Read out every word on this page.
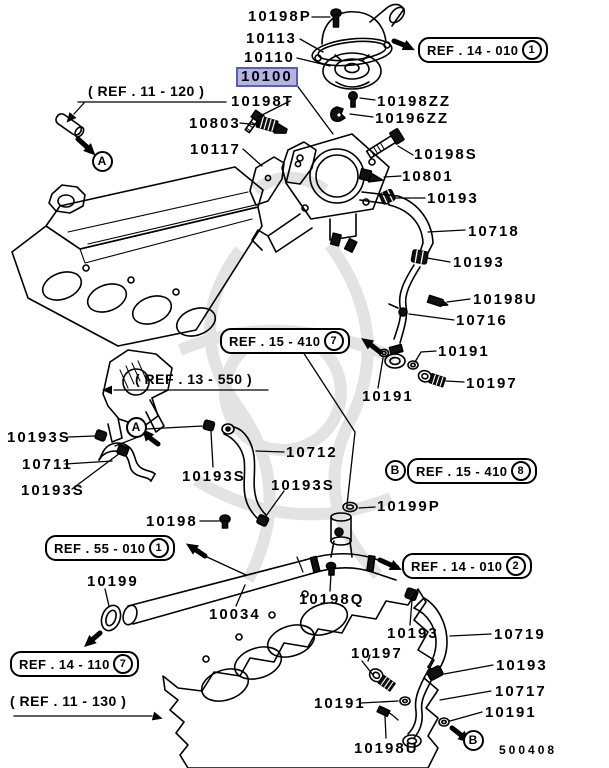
10198P
10113
10110
10100
10198T	10198ZZ
10196ZZ
10803
10117	10198S
10801
10193
10718
10193
10198U
10716
10191
10197
10191
10193S
10711
10193S
10193S
10712
10193S
10198
10199P
10199
10198Q
10034
10193	10719
10197
10193
10717
10191
10191
10198U
REF . 14 - 010 1
REF . 15 - 410 7
REF . 15 - 410 8
REF . 55 - 010 1
REF . 14 - 010 2
REF . 14 - 110 7
( REF . 11 - 120 )
( REF . 13 - 550 )
( REF . 11 - 130 )
A
A
B
B
500408
